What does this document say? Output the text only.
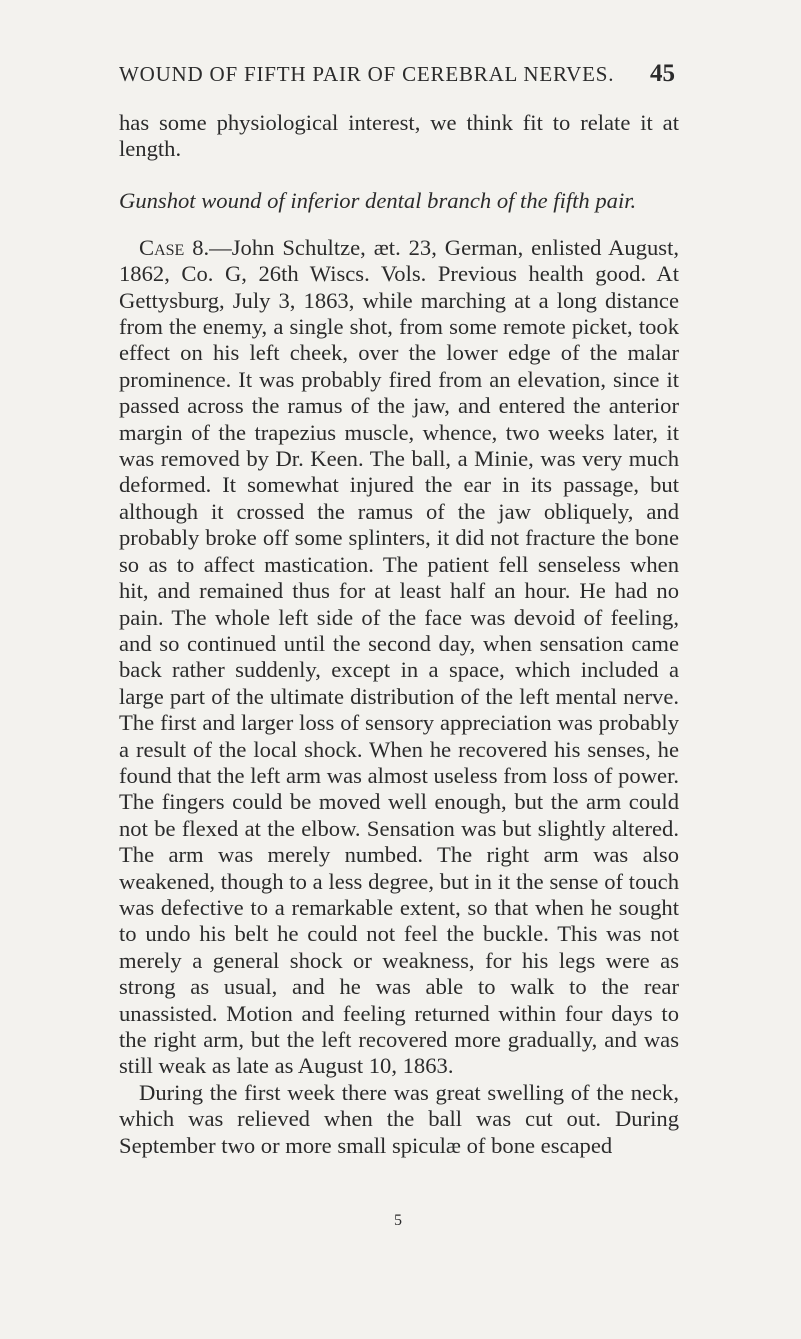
WOUND OF FIFTH PAIR OF CEREBRAL NERVES. 45

has some physiological interest, we think fit to relate it at length.

Gunshot wound of inferior dental branch of the fifth pair.

Case 8.—John Schultze, æt. 23, German, enlisted August, 1862, Co. G, 26th Wiscs. Vols. Previous health good. At Gettysburg, July 3, 1863, while marching at a long distance from the enemy, a single shot, from some remote picket, took effect on his left cheek, over the lower edge of the malar prominence. It was probably fired from an elevation, since it passed across the ramus of the jaw, and entered the anterior margin of the trapezius muscle, whence, two weeks later, it was removed by Dr. Keen. The ball, a Minie, was very much deformed. It somewhat injured the ear in its passage, but although it crossed the ramus of the jaw obliquely, and probably broke off some splinters, it did not fracture the bone so as to affect mastication. The patient fell senseless when hit, and remained thus for at least half an hour. He had no pain. The whole left side of the face was devoid of feeling, and so continued until the second day, when sensation came back rather suddenly, except in a space, which included a large part of the ultimate distribution of the left mental nerve. The first and larger loss of sensory appreciation was probably a result of the local shock. When he recovered his senses, he found that the left arm was almost useless from loss of power. The fingers could be moved well enough, but the arm could not be flexed at the elbow. Sensation was but slightly altered. The arm was merely numbed. The right arm was also weakened, though to a less degree, but in it the sense of touch was defective to a remarkable extent, so that when he sought to undo his belt he could not feel the buckle. This was not merely a general shock or weakness, for his legs were as strong as usual, and he was able to walk to the rear unassisted. Motion and feeling returned within four days to the right arm, but the left recovered more gradually, and was still weak as late as August 10, 1863.

During the first week there was great swelling of the neck, which was relieved when the ball was cut out. During September two or more small spiculæ of bone escaped

5
